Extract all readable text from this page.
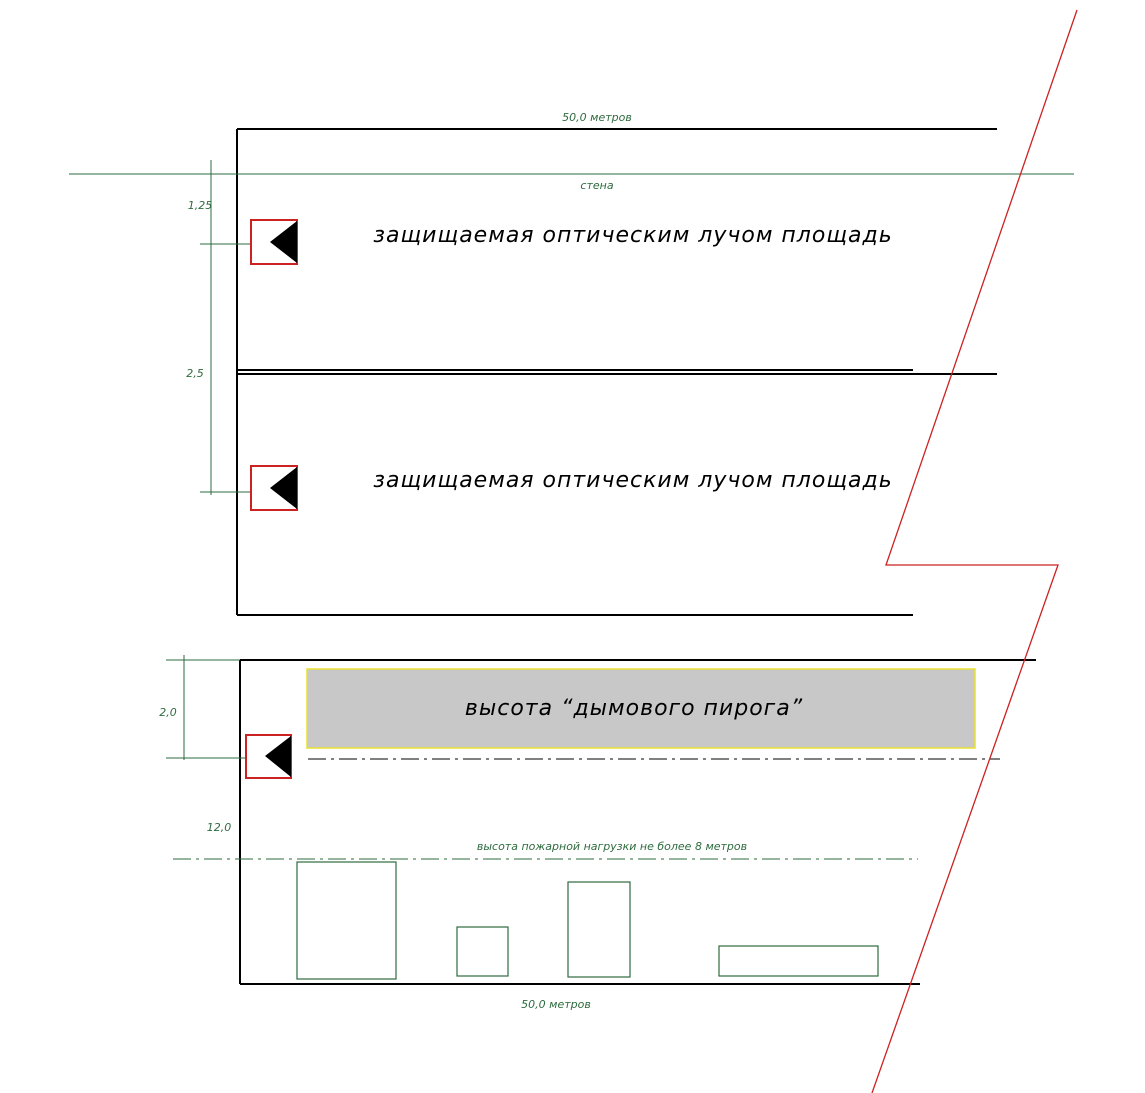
50,0 метров
стена
1,25
2,5
защищаемая оптическим лучом площадь
защищаемая оптическим лучом площадь
высота “дымового пирога”
2,0
12,0
высота пожарной нагрузки не более 8 метров
50,0 метров
